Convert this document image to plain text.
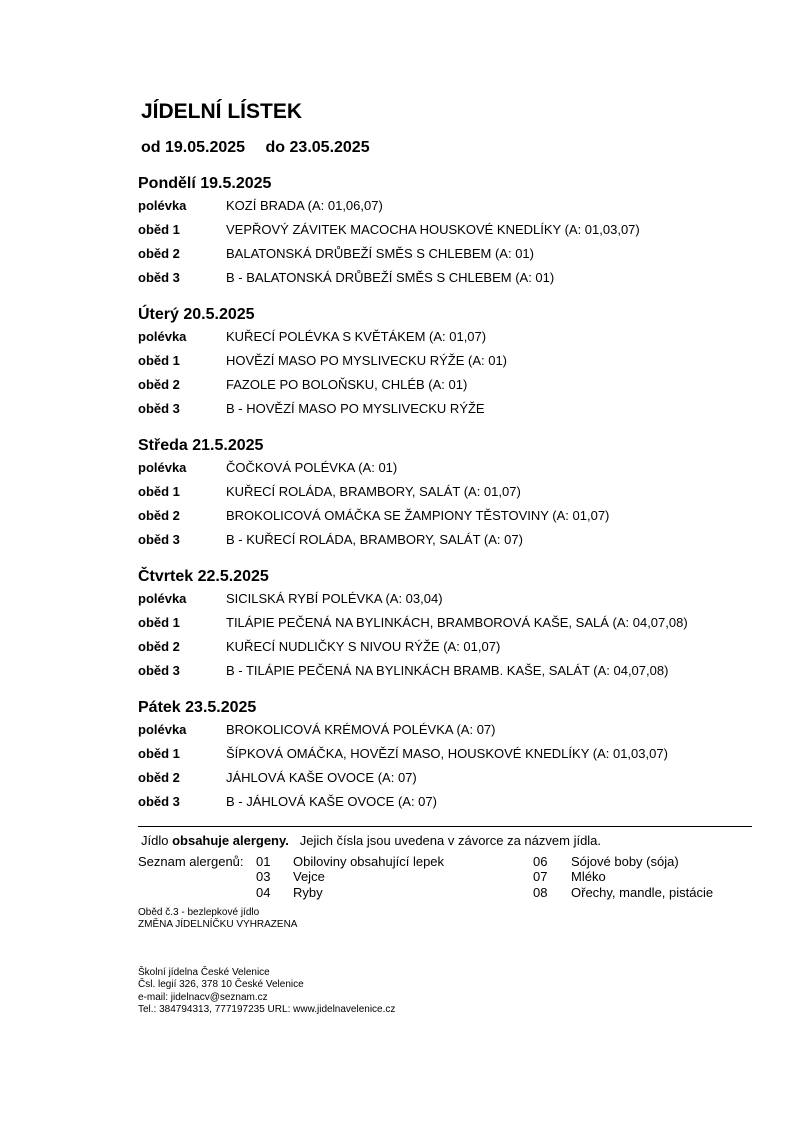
JÍDELNÍ LÍSTEK
od 19.05.2025 do 23.05.2025
Pondělí 19.5.2025
polévka	KOZÍ BRADA (A: 01,06,07)
oběd 1	VEPŘOVÝ ZÁVITEK MACOCHA HOUSKOVÉ KNEDLÍKY (A: 01,03,07)
oběd 2	BALATONSKÁ DRŮBEŽÍ SMĚS S CHLEBEM (A: 01)
oběd 3	B - BALATONSKÁ DRŮBEŽÍ SMĚS S CHLEBEM (A: 01)
Úterý 20.5.2025
polévka	KUŘECÍ POLÉVKA S KVĚTÁKEM (A: 01,07)
oběd 1	HOVĚZÍ MASO PO MYSLIVECKU RÝŽE (A: 01)
oběd 2	FAZOLE PO BOLOŇSKU, CHLÉB (A: 01)
oběd 3	B - HOVĚZÍ MASO PO MYSLIVECKU RÝŽE
Středa 21.5.2025
polévka	ČOČKOVÁ POLÉVKA (A: 01)
oběd 1	KUŘECÍ ROLÁDA, BRAMBORY, SALÁT (A: 01,07)
oběd 2	BROKOLICOVÁ OMÁČKA SE ŽAMPIONY TĚSTOVINY (A: 01,07)
oběd 3	B - KUŘECÍ ROLÁDA, BRAMBORY, SALÁT (A: 07)
Čtvrtek 22.5.2025
polévka	SICILSKÁ RYBÍ POLÉVKA (A: 03,04)
oběd 1	TILÁPIE PEČENÁ NA BYLINKÁCH, BRAMBOROVÁ KAŠE, SALÁ (A: 04,07,08)
oběd 2	KUŘECÍ NUDLIČKY S NIVOU RÝŽE (A: 01,07)
oběd 3	B - TILÁPIE PEČENÁ NA BYLINKÁCH BRAMB. KAŠE, SALÁT (A: 04,07,08)
Pátek 23.5.2025
polévka	BROKOLICOVÁ KRÉMOVÁ POLÉVKA (A: 07)
oběd 1	ŠÍPKOVÁ OMÁČKA, HOVĚZÍ MASO, HOUSKOVÉ KNEDLÍKY (A: 01,03,07)
oběd 2	JÁHLOVÁ KAŠE OVOCE (A: 07)
oběd 3	B - JÁHLOVÁ KAŠE OVOCE (A: 07)
Jídlo obsahuje alergeny.   Jejich čísla jsou uvedena v závorce za názvem jídla.
Seznam alergenů: 01 Obiloviny obsahující lepek
03 Vejce
04 Ryby
06 Sójové boby (sója)
07 Mléko
08 Ořechy, mandle, pistácie
Oběd č.3 - bezlepkové jídlo
ZMĚNA JÍDELNÍČKU VYHRAZENA
Školní jídelna České Velenice
Čsl. legií 326, 378 10 České Velenice
e-mail: jidelnacv@seznam.cz
Tel.: 384794313, 777197235 URL: www.jidelnavelenice.cz
